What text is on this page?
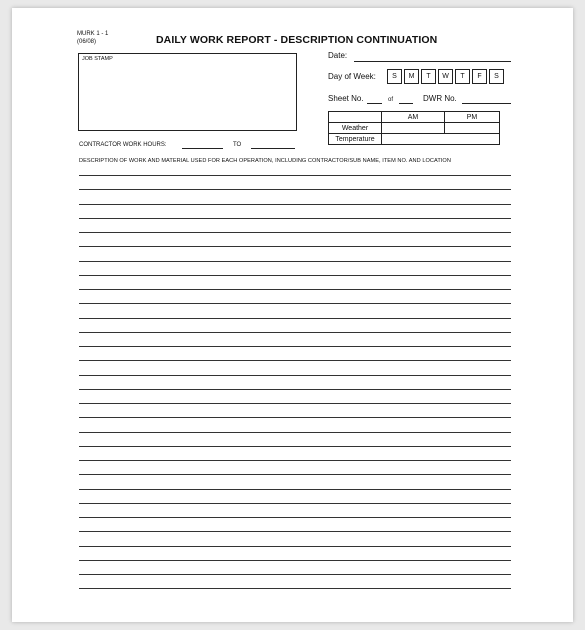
MURK 1 - 1
(06/08)	DAILY WORK REPORT - DESCRIPTION CONTINUATION
JOB STAMP	Date:
Day of Week:	S	M	T	W	T	F	S
Sheet No.	of	DWR No.
	AM	PM
Weather		
Temperature		
CONTRACTOR WORK HOURS:	TO
DESCRIPTION OF WORK AND MATERIAL USED FOR EACH OPERATION, INCLUDING CONTRACTOR/SUB NAME, ITEM NO. AND LOCATION
